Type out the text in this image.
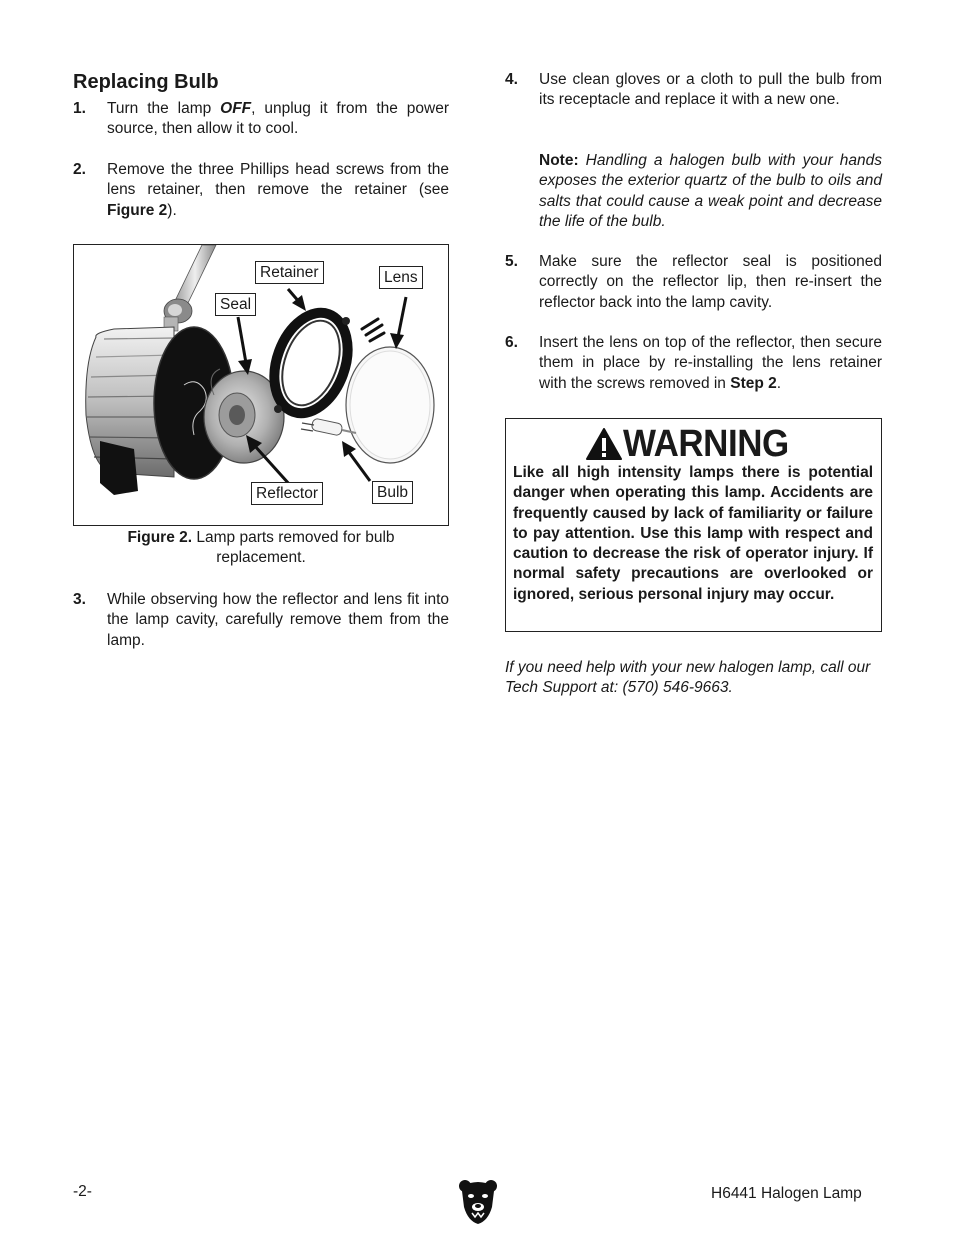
Replacing Bulb
1. Turn the lamp OFF, unplug it from the power source, then allow it to cool.
2. Remove the three Phillips head screws from the lens retainer, then remove the retainer (see Figure 2).
Retainer	Lens
Seal
Reflector	Bulb
Figure 2. Lamp parts removed for bulb replacement.
3. While observing how the reflector and lens fit into the lamp cavity, carefully remove them from the lamp.
4. Use clean gloves or a cloth to pull the bulb from its receptacle and replace it with a new one.
Note: Handling a halogen bulb with your hands exposes the exterior quartz of the bulb to oils and salts that could cause a weak point and decrease the life of the bulb.
5. Make sure the reflector seal is positioned correctly on the reflector lip, then re-insert the reflector back into the lamp cavity.
6. Insert the lens on top of the reflector, then secure them in place by re-installing the lens retainer with the screws removed in Step 2.
WARNING
Like all high intensity lamps there is potential danger when operating this lamp. Accidents are frequently caused by lack of familiarity or failure to pay attention. Use this lamp with respect and caution to decrease the risk of operator injury. If normal safety precautions are overlooked or ignored, serious personal injury may occur.
If you need help with your new halogen lamp, call our Tech Support at: (570) 546-9663.
-2-	H6441 Halogen Lamp
